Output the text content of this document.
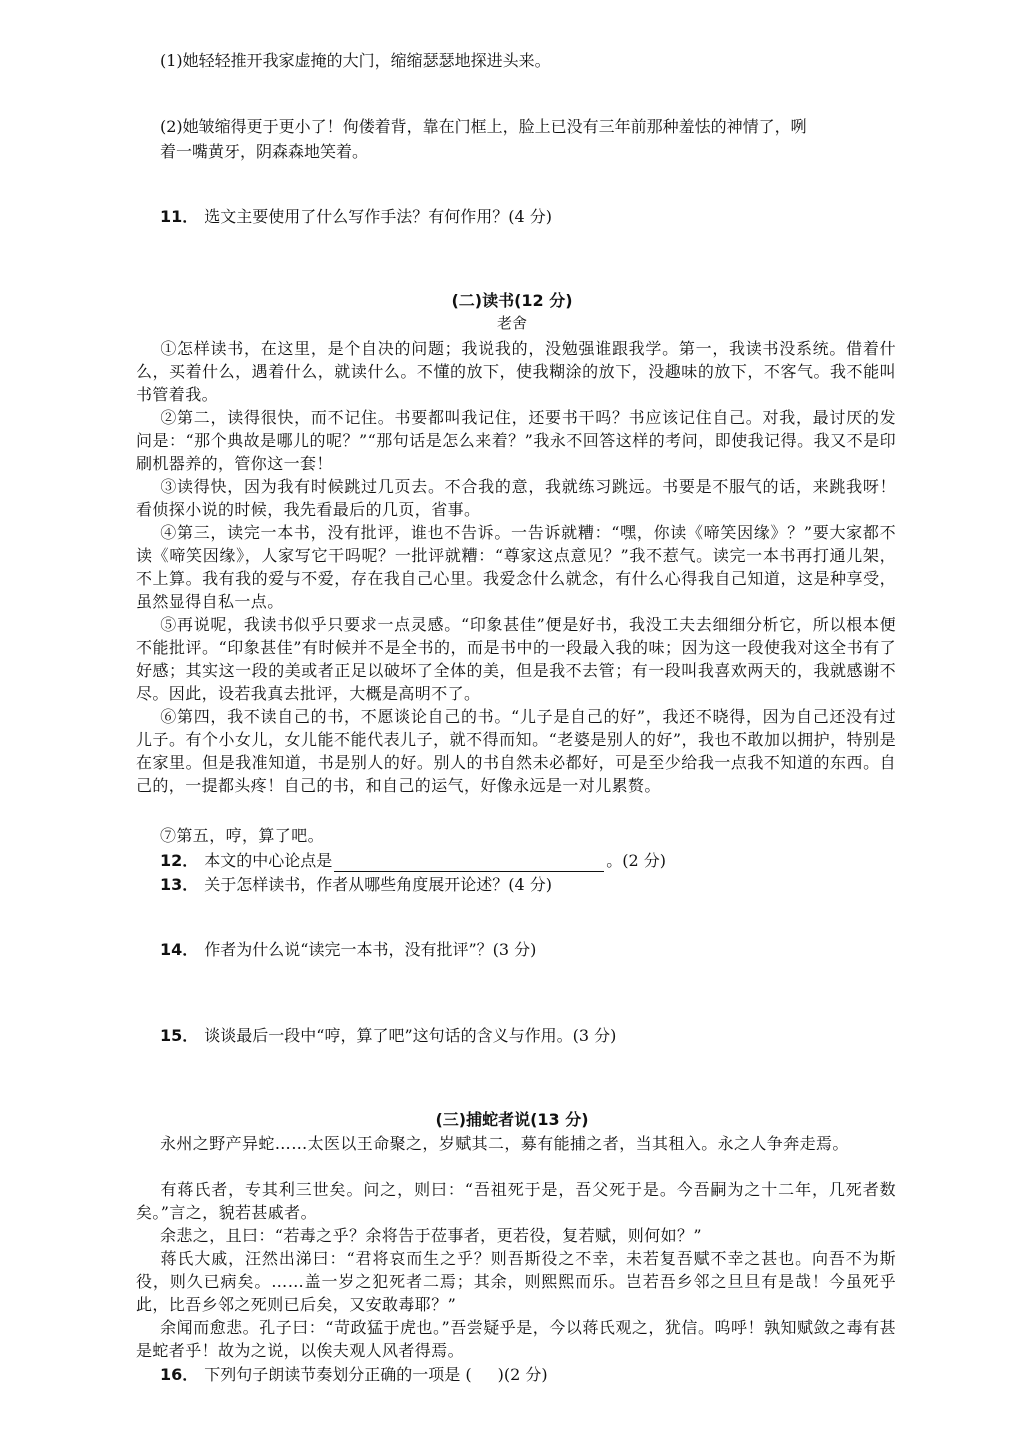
(1)她轻轻推开我家虚掩的大门，缩缩瑟瑟地探进头来。
(2)她皱缩得更于更小了！佝偻着背，靠在门框上，脸上已没有三年前那种羞怯的神情了，咧
着一嘴黄牙，阴森森地笑着。
11． 选文主要使用了什么写作手法？有何作用？(4 分)
(二)读书(12 分)
老舍
①怎样读书，在这里，是个自决的问题；我说我的，没勉强谁跟我学。第一，我读书没系统。借着什么，买着什么，遇着什么，就读什么。不懂的放下，使我糊涂的放下，没趣味的放下，不客气。我不能叫书管着我。
②第二，读得很快，而不记住。书要都叫我记住，还要书干吗？书应该记住自己。对我，最讨厌的发问是：“那个典故是哪儿的呢？”“那句话是怎么来着？”我永不回答这样的考问，即使我记得。我又不是印刷机器养的，管你这一套！
③读得快，因为我有时候跳过几页去。不合我的意，我就练习跳远。书要是不服气的话，来跳我呀！看侦探小说的时候，我先看最后的几页，省事。
④第三，读完一本书，没有批评，谁也不告诉。一告诉就糟：“嘿，你读《啼笑因缘》？”要大家都不读《啼笑因缘》，人家写它干吗呢？一批评就糟：“尊家这点意见？”我不惹气。读完一本书再打通儿架，不上算。我有我的爱与不爱，存在我自己心里。我爱念什么就念，有什么心得我自己知道，这是种享受，虽然显得自私一点。
⑤再说呢，我读书似乎只要求一点灵感。“印象甚佳”便是好书，我没工夫去细细分析它，所以根本便不能批评。“印象甚佳”有时候并不是全书的，而是书中的一段最入我的味；因为这一段使我对这全书有了好感；其实这一段的美或者正足以破坏了全体的美，但是我不去管；有一段叫我喜欢两天的，我就感谢不尽。因此，设若我真去批评，大概是高明不了。
⑥第四，我不读自己的书，不愿谈论自己的书。“儿子是自己的好”，我还不晓得，因为自己还没有过儿子。有个小女儿，女儿能不能代表儿子，就不得而知。“老婆是别人的好”，我也不敢加以拥护，特别是在家里。但是我准知道，书是别人的好。别人的书自然未必都好，可是至少给我一点我不知道的东西。自己的，一提都头疼！自己的书，和自己的运气，好像永远是一对儿累赘。
⑦第五，哼，算了吧。
12． 本文的中心论点是	。(2 分)
13． 关于怎样读书，作者从哪些角度展开论述？(4 分)
14． 作者为什么说“读完一本书，没有批评”？(3 分)
15． 谈谈最后一段中“哼，算了吧”这句话的含义与作用。(3 分)
(三)捕蛇者说(13 分)
永州之野产异蛇……太医以王命聚之，岁赋其二，募有能捕之者，当其租入。永之人争奔走焉。
有蒋氏者，专其利三世矣。问之，则曰：“吾祖死于是，吾父死于是。今吾嗣为之十二年，几死者数矣。”言之，貌若甚戚者。
余悲之，且曰：“若毒之乎？余将告于莅事者，更若役，复若赋，则何如？”
蒋氏大戚，汪然出涕曰：“君将哀而生之乎？则吾斯役之不幸，未若复吾赋不幸之甚也。向吾不为斯役，则久已病矣。……盖一岁之犯死者二焉；其余，则熙熙而乐。岂若吾乡邻之旦旦有是哉！今虽死乎此，比吾乡邻之死则已后矣，又安敢毒耶？”
余闻而愈悲。孔子曰：“苛政猛于虎也。”吾尝疑乎是，今以蒋氏观之，犹信。呜呼！孰知赋敛之毒有甚是蛇者乎！故为之说，以俟夫观人风者得焉。
16． 下列句子朗读节奏划分正确的一项是 ( )(2 分)
